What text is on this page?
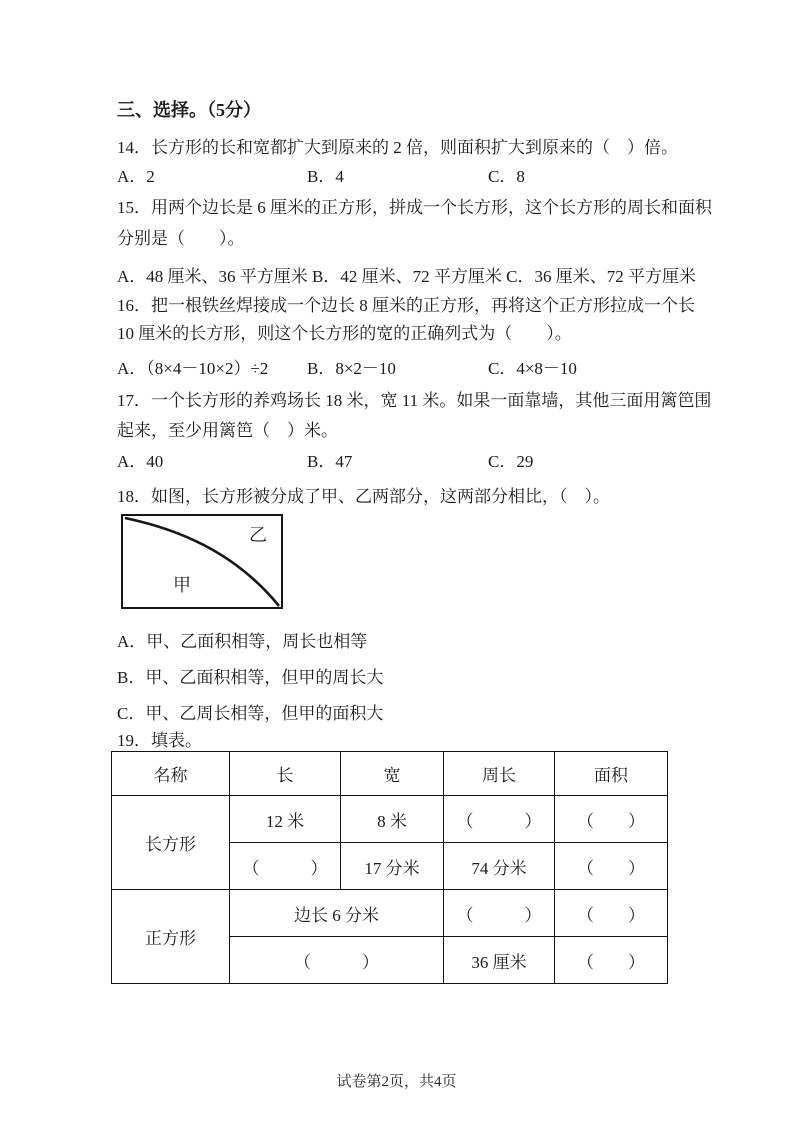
三、选择。（5分）
14．长方形的长和宽都扩大到原来的 2 倍，则面积扩大到原来的（　）倍。
A．2	B．4	C．8
15．用两个边长是 6 厘米的正方形，拼成一个长方形，这个长方形的周长和面积
分别是（　　）。
A．48 厘米、36 平方厘米 B．42 厘米、72 平方厘米 C．36 厘米、72 平方厘米
16．把一根铁丝焊接成一个边长 8 厘米的正方形，再将这个正方形拉成一个长
10 厘米的长方形，则这个长方形的宽的正确列式为（　　）。
A．（8×4－10×2）÷2 B．8×2－10	C．4×8－10
17．一个长方形的养鸡场长 18 米，宽 11 米。如果一面靠墙，其他三面用篱笆围
起来，至少用篱笆（　）米。
A．40	B．47	C．29
18．如图，长方形被分成了甲、乙两部分，这两部分相比，（　）。
甲
乙
A．甲、乙面积相等，周长也相等
B．甲、乙面积相等，但甲的周长大
C．甲、乙周长相等，但甲的面积大
19．填表。
名称	长	宽	周长	面积
长方形	12 米	8 米	（　　　）	（　　）
	（　　　）	17 分米	74 分米	（　　）
正方形	边长 6 分米		（　　　）	（　　）
	（　　　）		36 厘米	（　　）
试卷第2页，共4页
